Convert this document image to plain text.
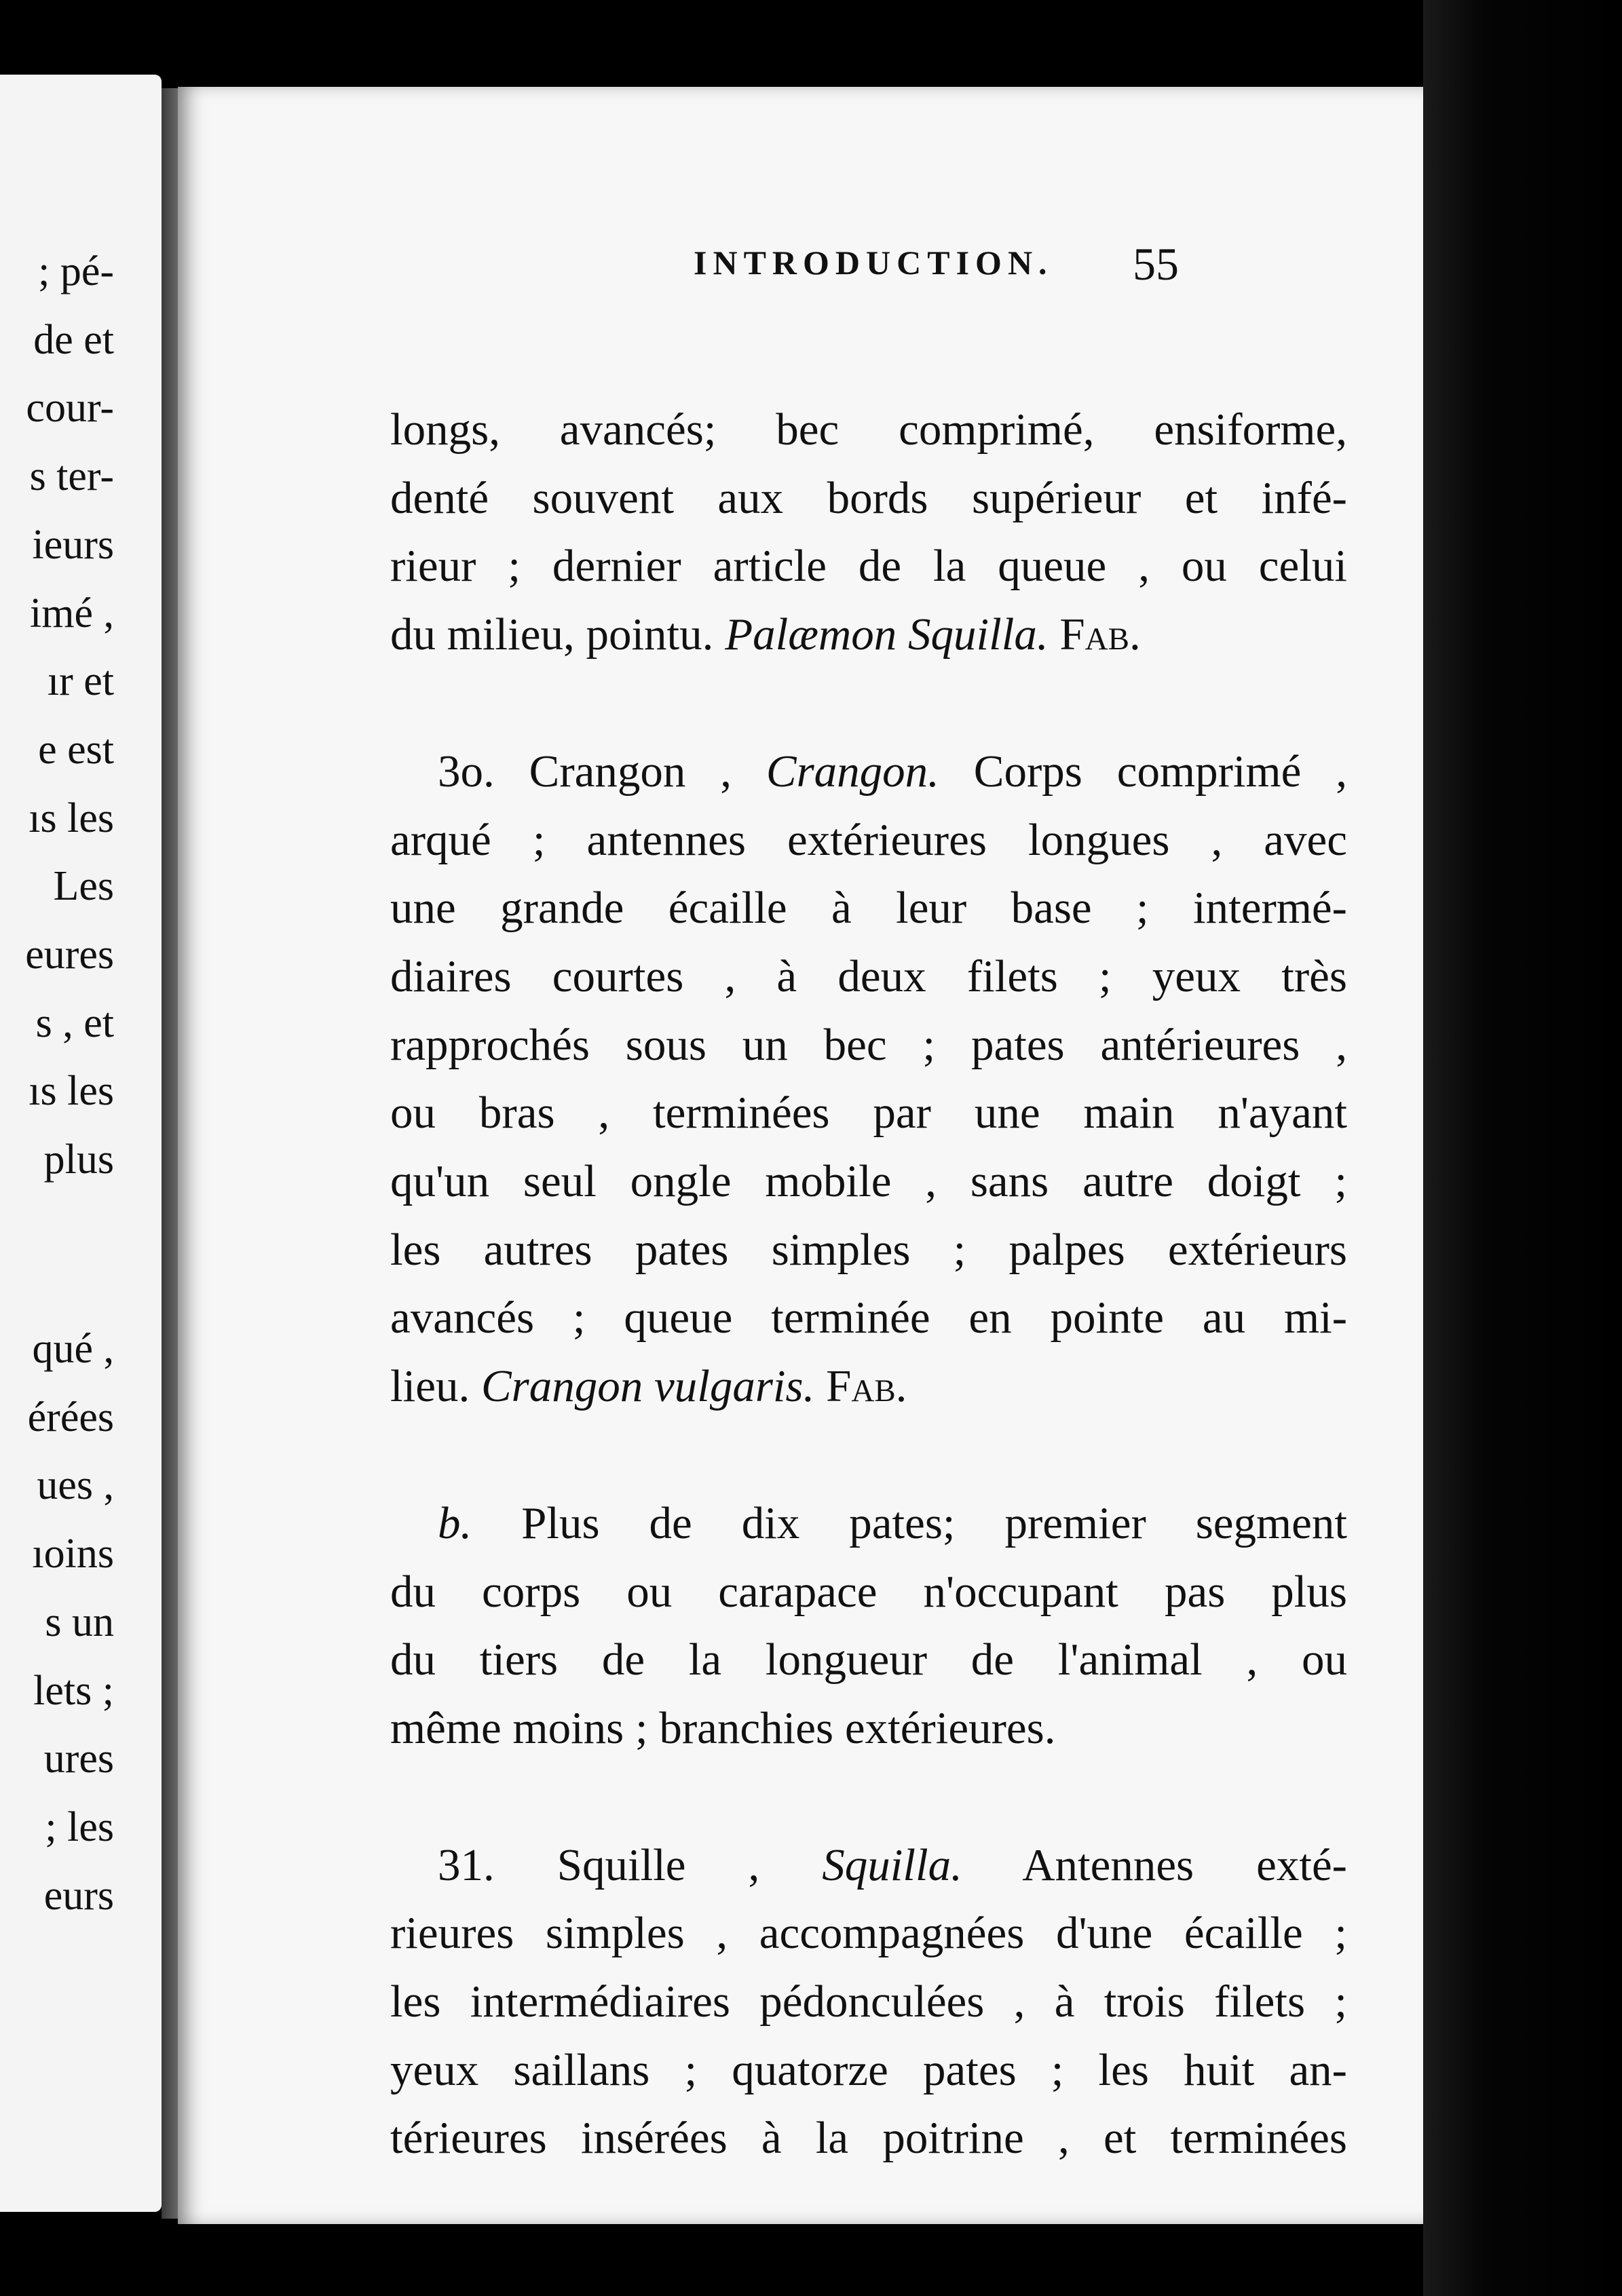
; pé-
de et
cour-
s ter-
ieurs
imé ,
ır et
e est
ıs les
Les
eures
s , et
ıs les
plus
qué ,
érées
ues ,
ıoins
s un
lets ;
ures
; les
eurs
INTRODUCTION. 55
longs, avancés; bec comprimé, ensiforme,
denté souvent aux bords supérieur et infé-
rieur ; dernier article de la queue , ou celui
du milieu, pointu. Palæmon Squilla. Fab.
3o. Crangon , Crangon. Corps comprimé ,
arqué ; antennes extérieures longues , avec
une grande écaille à leur base ; intermé-
diaires courtes , à deux filets ; yeux très
rapprochés sous un bec ; pates antérieures ,
ou bras , terminées par une main n'ayant
qu'un seul ongle mobile , sans autre doigt ;
les autres pates simples ; palpes extérieurs
avancés ; queue terminée en pointe au mi-
lieu. Crangon vulgaris. Fab.
b. Plus de dix pates; premier segment
du corps ou carapace n'occupant pas plus
du tiers de la longueur de l'animal , ou
même moins ; branchies extérieures.
31. Squille , Squilla. Antennes exté-
rieures simples , accompagnées d'une écaille ;
les intermédiaires pédonculées , à trois filets ;
yeux saillans ; quatorze pates ; les huit an-
térieures insérées à la poitrine , et terminées
